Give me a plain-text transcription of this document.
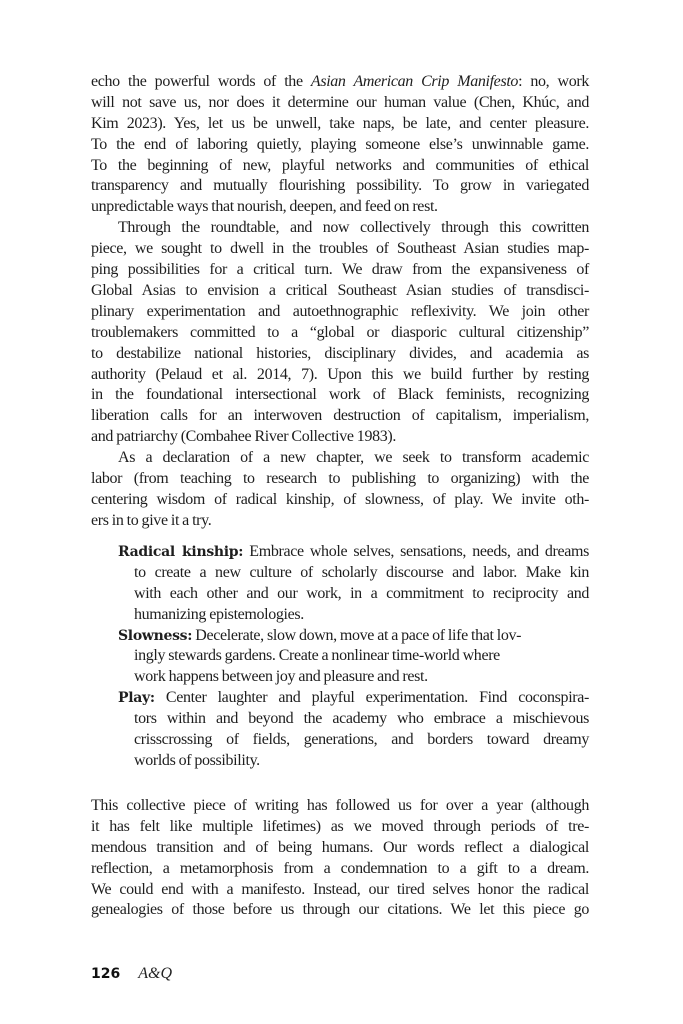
echo the powerful words of the Asian American Crip Manifesto: no, work
will not save us, nor does it determine our human value (Chen, Khúc, and
Kim 2023). Yes, let us be unwell, take naps, be late, and center pleasure.
To the end of laboring quietly, playing someone else’s unwinnable game.
To the beginning of new, playful networks and communities of ethical
transparency and mutually flourishing possibility. To grow in variegated
unpredictable ways that nourish, deepen, and feed on rest.
Through the roundtable, and now collectively through this cowritten
piece, we sought to dwell in the troubles of Southeast Asian studies map-
ping possibilities for a critical turn. We draw from the expansiveness of
Global Asias to envision a critical Southeast Asian studies of transdisci-
plinary experimentation and autoethnographic reflexivity. We join other
troublemakers committed to a “global or diasporic cultural citizenship”
to destabilize national histories, disciplinary divides, and academia as
authority (Pelaud et al. 2014, 7). Upon this we build further by resting
in the foundational intersectional work of Black feminists, recognizing
liberation calls for an interwoven destruction of capitalism, imperialism,
and patriarchy (Combahee River Collective 1983).
As a declaration of a new chapter, we seek to transform academic
labor (from teaching to research to publishing to organizing) with the
centering wisdom of radical kinship, of slowness, of play. We invite oth-
ers in to give it a try.
Radical kinship: Embrace whole selves, sensations, needs, and dreams
to create a new culture of scholarly discourse and labor. Make kin
with each other and our work, in a commitment to reciprocity and
humanizing epistemologies.
Slowness: Decelerate, slow down, move at a pace of life that lov-
ingly stewards gardens. Create a nonlinear time-world where
work happens between joy and pleasure and rest.
Play: Center laughter and playful experimentation. Find coconspira-
tors within and beyond the academy who embrace a mischievous
crisscrossing of fields, generations, and borders toward dreamy
worlds of possibility.
This collective piece of writing has followed us for over a year (although
it has felt like multiple lifetimes) as we moved through periods of tre-
mendous transition and of being humans. Our words reflect a dialogical
reflection, a metamorphosis from a condemnation to a gift to a dream.
We could end with a manifesto. Instead, our tired selves honor the radical
genealogies of those before us through our citations. We let this piece go
126 A&Q
